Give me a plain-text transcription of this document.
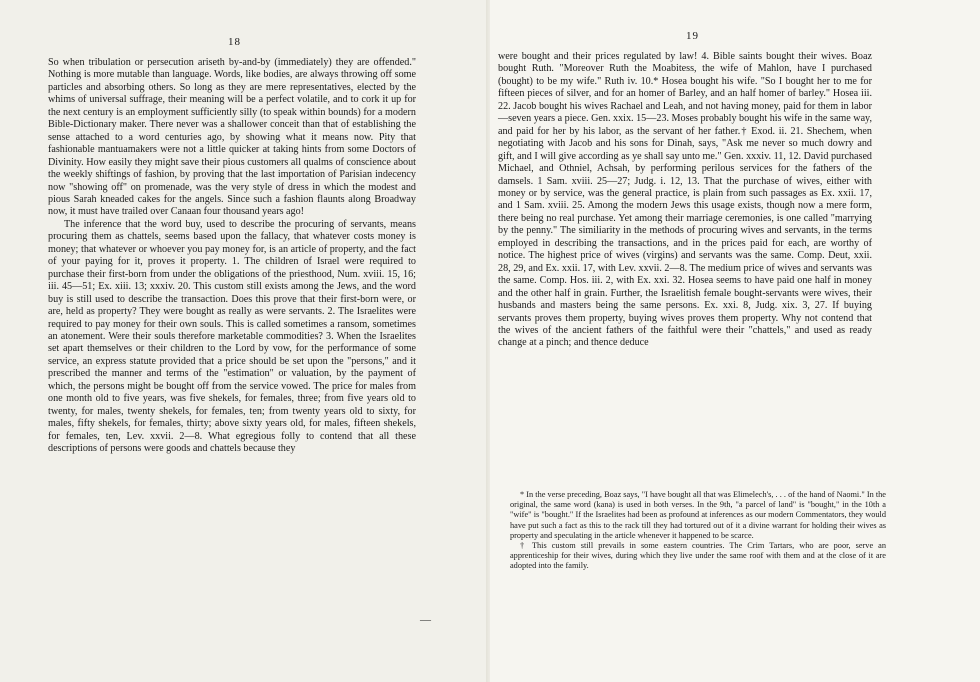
18

So when tribulation or persecution ariseth by-and-by (immediately) they are offended." Nothing is more mutable than language. Words, like bodies, are always throwing off some particles and absorbing others. So long as they are mere representatives, elected by the whims of universal suffrage, their meaning will be a perfect volatile, and to cork it up for the next century is an employment sufficiently silly (to speak within bounds) for a modern Bible-Dictionary maker. There never was a shallower conceit than that of establishing the sense attached to a word centuries ago, by showing what it means now. Pity that fashionable mantuamakers were not a little quicker at taking hints from some Doctors of Divinity. How easily they might save their pious customers all qualms of conscience about the weekly shiftings of fashion, by proving that the last importation of Parisian indecency now "showing off" on promenade, was the very style of dress in which the modest and pious Sarah kneaded cakes for the angels. Since such a fashion flaunts along Broadway now, it must have trailed over Canaan four thousand years ago!

The inference that the word buy, used to describe the procuring of servants, means procuring them as chattels, seems based upon the fallacy, that whatever costs money is money; that whatever or whoever you pay money for, is an article of property, and the fact of your paying for it, proves it property. 1. The children of Israel were required to purchase their first-born from under the obligations of the priesthood, Num. xviii. 15, 16; iii. 45—51; Ex. xiii. 13; xxxiv. 20. This custom still exists among the Jews, and the word buy is still used to describe the transaction. Does this prove that their first-born were, or are, held as property? They were bought as really as were servants. 2. The Israelites were required to pay money for their own souls. This is called sometimes a ransom, sometimes an atonement. Were their souls therefore marketable commodities? 3. When the Israelites set apart themselves or their children to the Lord by vow, for the performance of some service, an express statute provided that a price should be set upon the "persons," and it prescribed the manner and terms of the "estimation" or valuation, by the payment of which, the persons might be bought off from the service vowed. The price for males from one month old to five years, was five shekels, for females, three; from five years old to twenty, for males, twenty shekels, for females, ten; from twenty years old to sixty, for males, fifty shekels, for females, thirty; above sixty years old, for males, fifteen shekels, for females, ten, Lev. xxvii. 2—8. What egregious folly to contend that all these descriptions of persons were goods and chattels because they

—
19

were bought and their prices regulated by law! 4. Bible saints bought their wives. Boaz bought Ruth. "Moreover Ruth the Moabitess, the wife of Mahlon, have I purchased (bought) to be my wife." Ruth iv. 10.* Hosea bought his wife. "So I bought her to me for fifteen pieces of silver, and for an homer of Barley, and an half homer of barley." Hosea iii. 22. Jacob bought his wives Rachael and Leah, and not having money, paid for them in labor—seven years a piece. Gen. xxix. 15—23. Moses probably bought his wife in the same way, and paid for her by his labor, as the servant of her father.† Exod. ii. 21. Shechem, when negotiating with Jacob and his sons for Dinah, says, "Ask me never so much dowry and gift, and I will give according as ye shall say unto me." Gen. xxxiv. 11, 12. David purchased Michael, and Othniel, Achsah, by performing perilous services for the fathers of the damsels. 1 Sam. xviii. 25—27; Judg. i. 12, 13. That the purchase of wives, either with money or by service, was the general practice, is plain from such passages as Ex. xxii. 17, and 1 Sam. xviii. 25. Among the modern Jews this usage exists, though now a mere form, there being no real purchase. Yet among their marriage ceremonies, is one called "marrying by the penny." The similiarity in the methods of procuring wives and servants, in the terms employed in describing the transactions, and in the prices paid for each, are worthy of notice. The highest price of wives (virgins) and servants was the same. Comp. Deut, xxii. 28, 29, and Ex. xxii. 17, with Lev. xxvii. 2—8. The medium price of wives and servants was the same. Comp. Hos. iii. 2, with Ex. xxi. 32. Hosea seems to have paid one half in money and the other half in grain. Further, the Israelitish female bought-servants were wives, their husbands and masters being the same persons. Ex. xxi. 8, Judg. xix. 3, 27. If buying servants proves them property, buying wives proves them property. Why not contend that the wives of the ancient fathers of the faithful were their "chattels," and used as ready change at a pinch; and thence deduce

* In the verse preceding, Boaz says, "I have bought all that was Elimelech's, . . . of the hand of Naomi." In the original, the same word (kana) is used in both verses. In the 9th, "a parcel of land" is "bought," in the 10th a "wife" is "bought." If the Israelites had been as profound at inferences as our modern Commentators, they would have put such a fact as this to the rack till they had tortured out of it a divine warrant for holding their wives as property and speculating in the article whenever it happened to be scarce.

† This custom still prevails in some eastern countries. The Crim Tartars, who are poor, serve an apprenticeship for their wives, during which they live under the same roof with them and at the close of it are adopted into the family.
